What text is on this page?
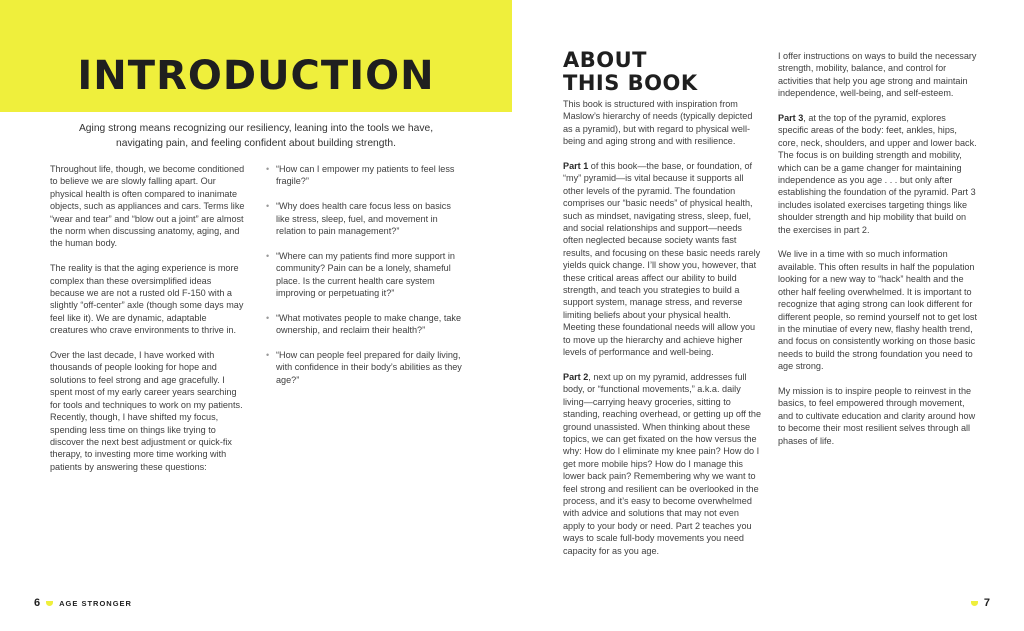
INTRODUCTION

Aging strong means recognizing our resiliency, leaning into the tools we have, navigating pain, and feeling confident about building strength.

Throughout life, though, we become conditioned to believe we are slowly falling apart. Our physical health is often compared to inanimate objects, such as appliances and cars. Terms like “wear and tear” and “blow out a joint” are almost the norm when discussing anatomy, aging, and the human body.

The reality is that the aging experience is more complex than these oversimplified ideas because we are not a rusted old F-150 with a slightly “off-center” axle (though some days may feel like it). We are dynamic, adaptable creatures who crave environments to thrive in.

Over the last decade, I have worked with thousands of people looking for hope and solutions to feel strong and age gracefully. I spent most of my early career years searching for tools and techniques to work on my patients. Recently, though, I have shifted my focus, spending less time on things like trying to discover the next best adjustment or quick-fix therapy, to investing more time working with patients by answering these questions:

• “How can I empower my patients to feel less fragile?”

• “Why does health care focus less on basics like stress, sleep, fuel, and movement in relation to pain management?”

• “Where can my patients find more support in community? Pain can be a lonely, shameful place. Is the current health care system improving or perpetuating it?”

• “What motivates people to make change, take ownership, and reclaim their health?”

• “How can people feel prepared for daily living, with confidence in their body’s abilities as they age?”

6	AGE STRONGER
ABOUT
THIS BOOK

This book is structured with inspiration from Maslow’s hierarchy of needs (typically depicted as a pyramid), but with regard to physical well-being and aging strong and with resilience.

Part 1 of this book—the base, or foundation, of “my” pyramid—is vital because it supports all other levels of the pyramid. The foundation comprises our “basic needs” of physical health, such as mindset, navigating stress, sleep, fuel, and social relationships and support—needs often neglected because society wants fast results, and focusing on these basic needs rarely yields quick change. I’ll show you, however, that these critical areas affect our ability to build strength, and teach you strategies to build a support system, manage stress, and reverse limiting beliefs about your physical health. Meeting these foundational needs will allow you to move up the hierarchy and achieve higher levels of performance and well-being.

Part 2, next up on my pyramid, addresses full body, or “functional movements,” a.k.a. daily living—carrying heavy groceries, sitting to standing, reaching overhead, or getting up off the ground unassisted. When thinking about these topics, we can get fixated on the how versus the why: How do I eliminate my knee pain? How do I get more mobile hips? How do I manage this lower back pain? Remembering why we want to feel strong and resilient can be overlooked in the process, and it’s easy to become overwhelmed with advice and solutions that may not even apply to your body or need. Part 2 teaches you ways to scale full-body movements you need capacity for as you age.

I offer instructions on ways to build the necessary strength, mobility, balance, and control for activities that help you age strong and maintain independence, well-being, and self-esteem.

Part 3, at the top of the pyramid, explores specific areas of the body: feet, ankles, hips, core, neck, shoulders, and upper and lower back. The focus is on building strength and mobility, which can be a game changer for maintaining independence as you age . . . but only after establishing the foundation of the pyramid. Part 3 includes isolated exercises targeting things like shoulder strength and hip mobility that build on the exercises in part 2.

We live in a time with so much information available. This often results in half the population looking for a new way to “hack” health and the other half feeling overwhelmed. It is important to recognize that aging strong can look different for different people, so remind yourself not to get lost in the minutiae of every new, flashy health trend, and focus on consistently working on those basic needs to build the strong foundation you need to age strong.

My mission is to inspire people to reinvest in the basics, to feel empowered through movement, and to cultivate education and clarity around how to become their most resilient selves through all phases of life.

7
